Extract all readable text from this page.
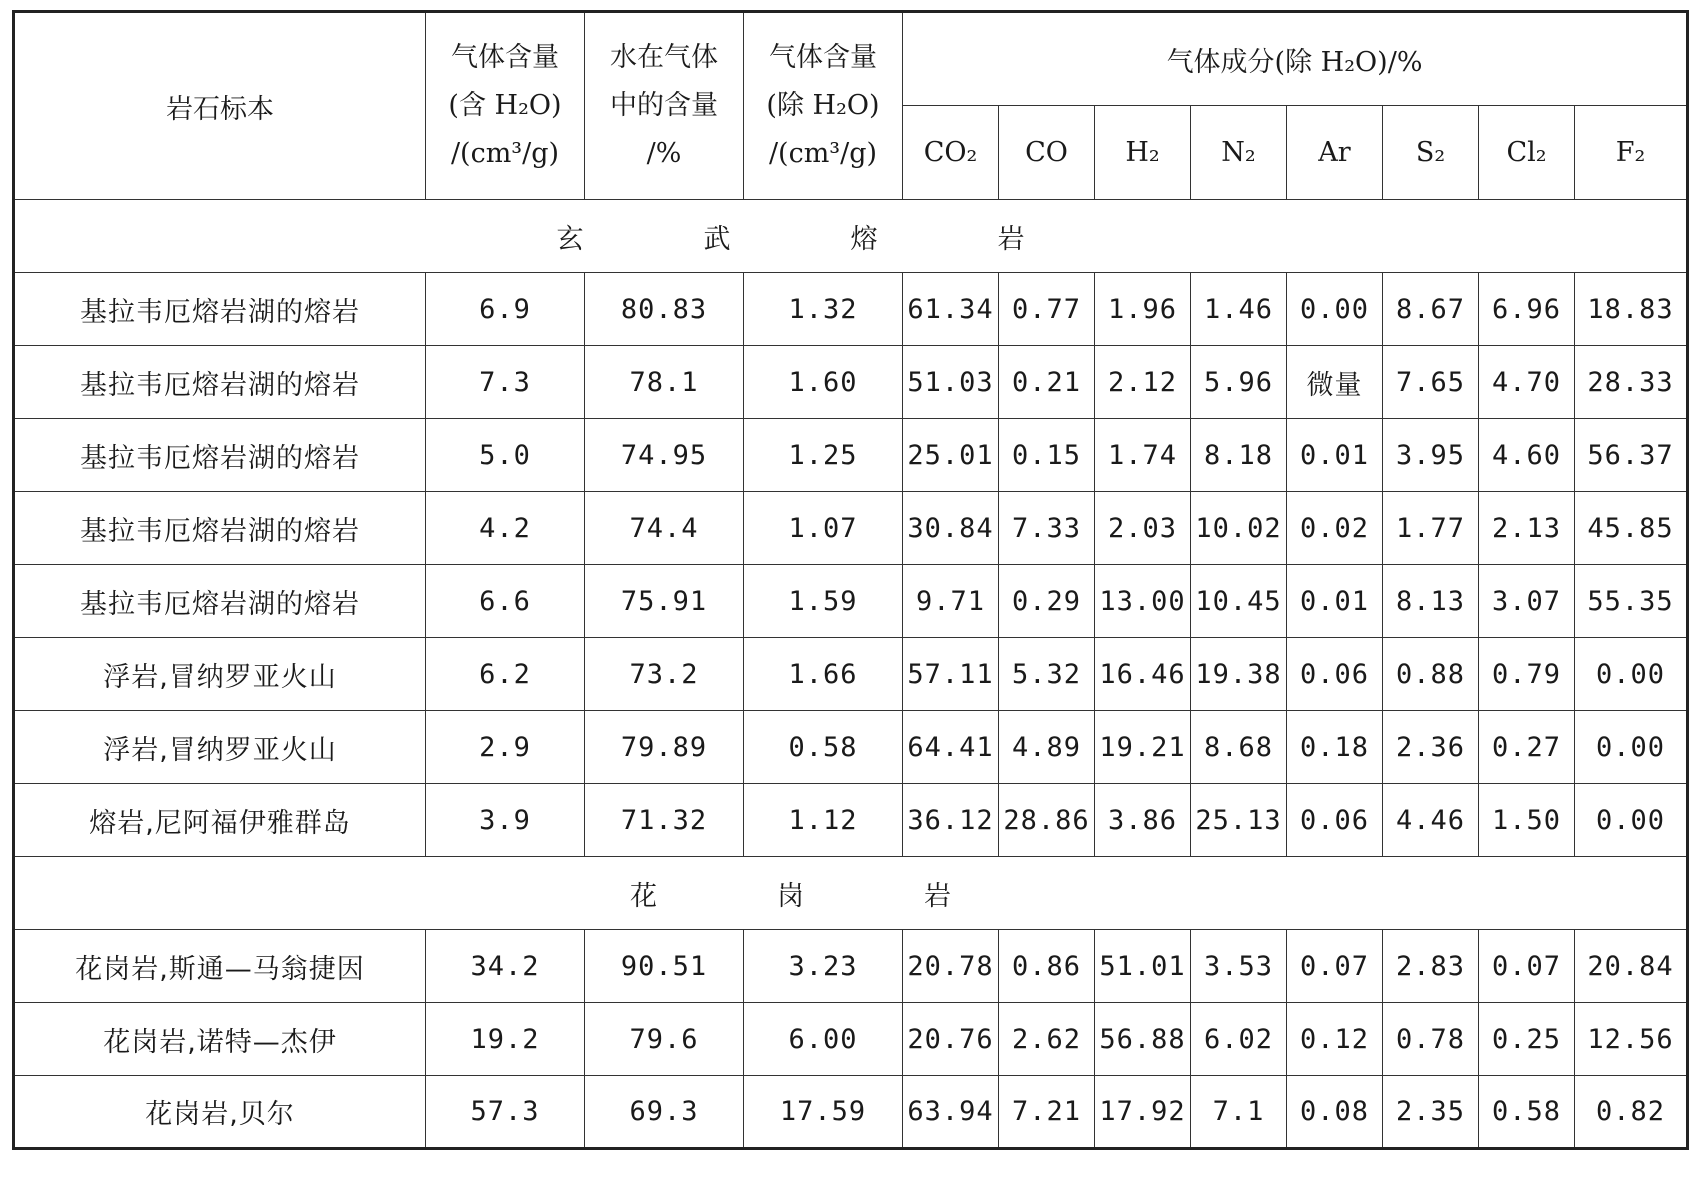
岩石标本	气体含量
(含 H₂O)
/(cm³/g)	水在气体
中的含量
/%	气体含量
(除 H₂O)
/(cm³/g)	气体成分(除 H₂O)/%							
				CO₂	CO	H₂	N₂	Ar	S₂	Cl₂	F₂
玄武熔岩											
基拉韦厄熔岩湖的熔岩	6.9	80.83	1.32	61.34	0.77	1.96	1.46	0.00	8.67	6.96	18.83
基拉韦厄熔岩湖的熔岩	7.3	78.1	1.60	51.03	0.21	2.12	5.96	微量	7.65	4.70	28.33
基拉韦厄熔岩湖的熔岩	5.0	74.95	1.25	25.01	0.15	1.74	8.18	0.01	3.95	4.60	56.37
基拉韦厄熔岩湖的熔岩	4.2	74.4	1.07	30.84	7.33	2.03	10.02	0.02	1.77	2.13	45.85
基拉韦厄熔岩湖的熔岩	6.6	75.91	1.59	9.71	0.29	13.00	10.45	0.01	8.13	3.07	55.35
浮岩,冒纳罗亚火山	6.2	73.2	1.66	57.11	5.32	16.46	19.38	0.06	0.88	0.79	0.00
浮岩,冒纳罗亚火山	2.9	79.89	0.58	64.41	4.89	19.21	8.68	0.18	2.36	0.27	0.00
熔岩,尼阿福伊雅群岛	3.9	71.32	1.12	36.12	28.86	3.86	25.13	0.06	4.46	1.50	0.00
花岗岩											
花岗岩,斯通—马翁捷因	34.2	90.51	3.23	20.78	0.86	51.01	3.53	0.07	2.83	0.07	20.84
花岗岩,诺特—杰伊	19.2	79.6	6.00	20.76	2.62	56.88	6.02	0.12	0.78	0.25	12.56
花岗岩,贝尔	57.3	69.3	17.59	63.94	7.21	17.92	7.1	0.08	2.35	0.58	0.82
